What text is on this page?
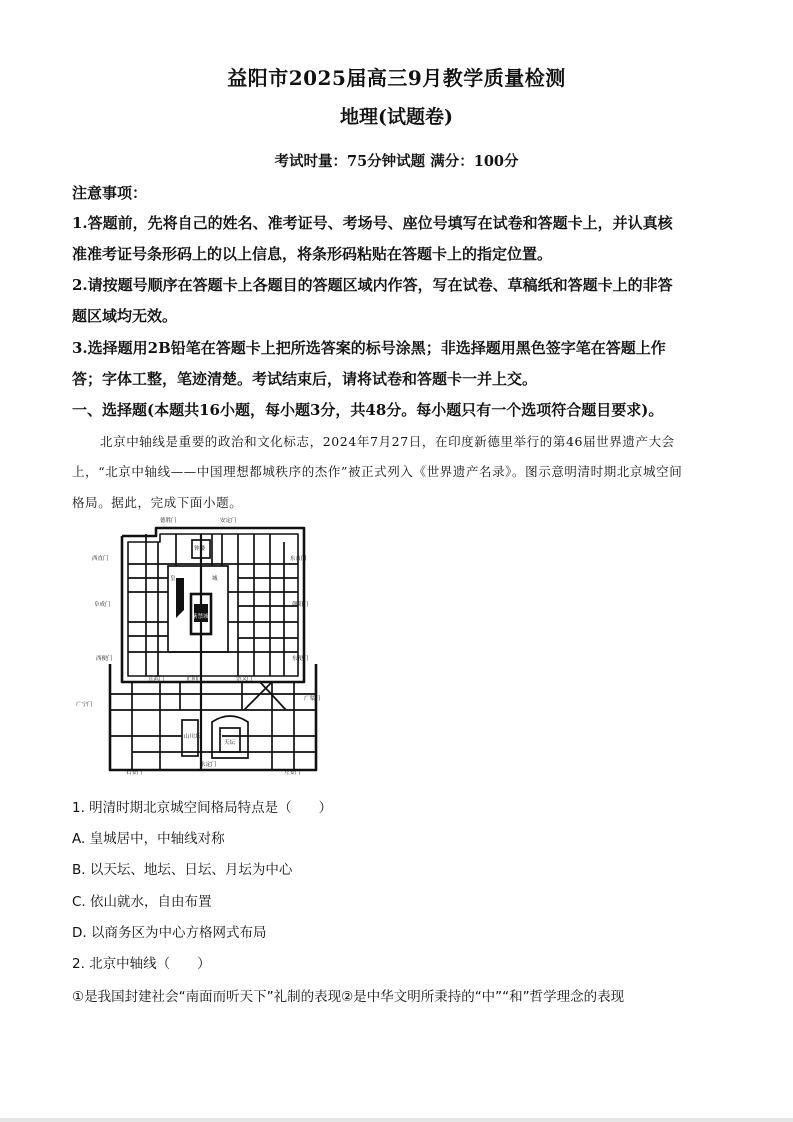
益阳市2025届高三9月教学质量检测
地理(试题卷)
考试时量：75分钟试题 满分：100分
注意事项：
1.答题前，先将自己的姓名、准考证号、考场号、座位号填写在试卷和答题卡上，并认真核
准准考证号条形码上的以上信息，将条形码粘贴在答题卡上的指定位置。
2.请按题号顺序在答题卡上各题目的答题区域内作答，写在试卷、草稿纸和答题卡上的非答
题区域均无效。
3.选择题用2B铅笔在答题卡上把所选答案的标号涂黑；非选择题用黑色签字笔在答题上作
答；字体工整，笔迹清楚。考试结束后，请将试卷和答题卡一并上交。
一、选择题(本题共16小题，每小题3分，共48分。每小题只有一个选项符合题目要求)。
北京中轴线是重要的政治和文化标志，2024年7月27日，在印度新德里举行的第46届世界遗产大会
上，“北京中轴线——中国理想都城秩序的杰作”被正式列入《世界遗产名录》。图示意明清时期北京城空间
格局。据此，完成下面小题。
德胜门	安定门
西直门	东直门
阜成门	朝阳门
西便门	东便门
广宁门
广渠门
宣武门	正阳门	崇文门
右安门
永定门
左安门
钟楼
皇	城
紫禁城
山川坛
天坛
1. 明清时期北京城空间格局特点是（　　）
A. 皇城居中，中轴线对称
B. 以天坛、地坛、日坛、月坛为中心
C. 依山就水，自由布置
D. 以商务区为中心方格网式布局
2. 北京中轴线（　　）
①是我国封建社会“南面而听天下”礼制的表现②是中华文明所秉持的“中”“和”哲学理念的表现
